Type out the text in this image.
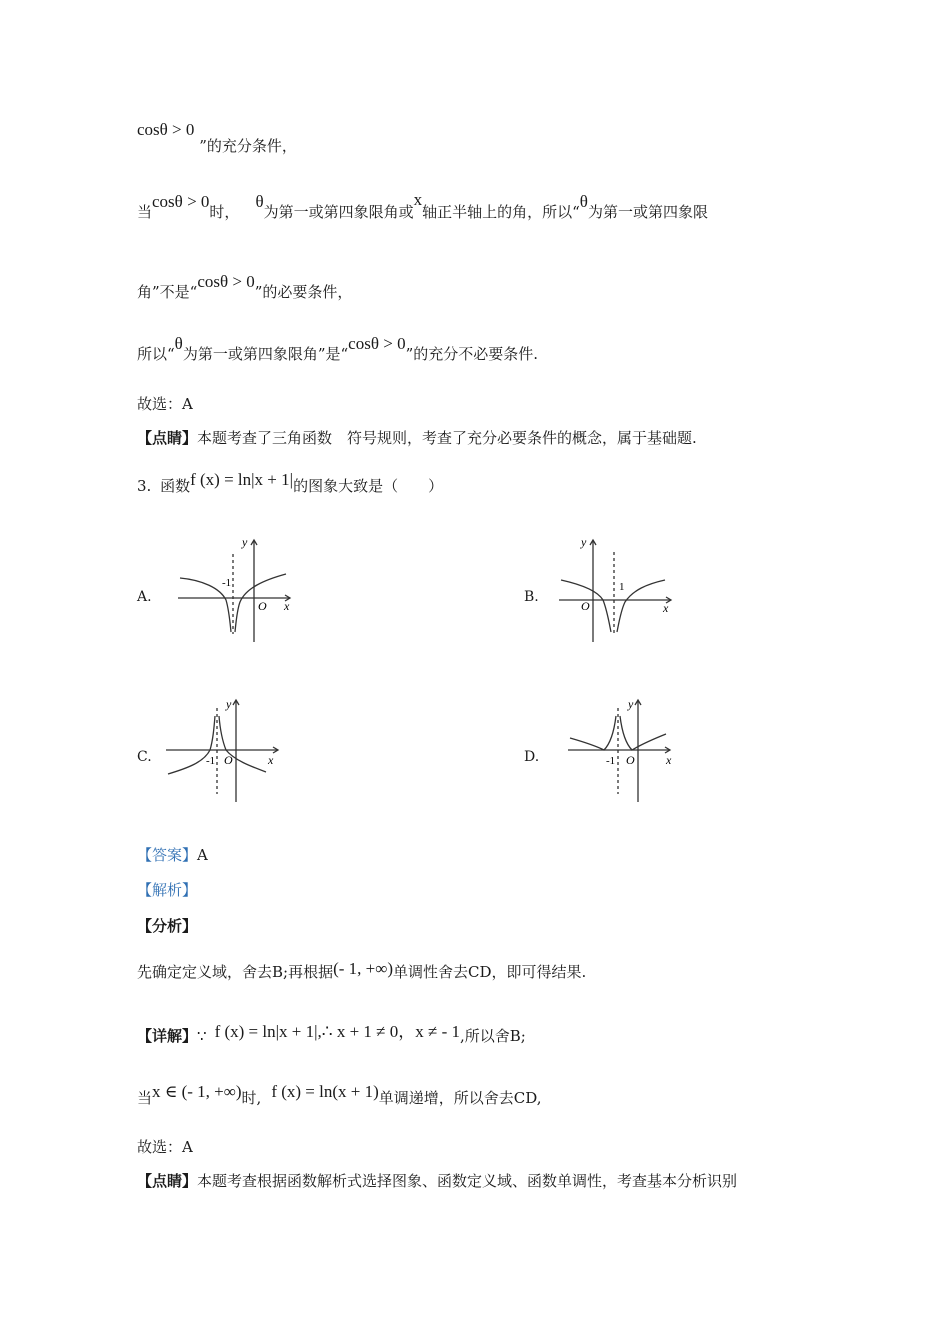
cosθ > 0 ”的充分条件，
当cosθ > 0时，θ为第一或第四象限角或x轴正半轴上的角，所以“θ为第一或第四象限
角”不是“cosθ > 0”的必要条件，
所以“θ为第一或第四象限角”是“cosθ > 0”的充分不必要条件.
故选：A
【点睛】本题考查了三角函数　符号规则，考查了充分必要条件的概念，属于基础题.
3. 函数f (x) = ln|x + 1|的图象大致是（　　）
A.	B.
C.	D.
-1
O x
y
1
O	x
y
-1 O	x
y
-1 O	x
y
【答案】A
【解析】
【分析】
先确定定义域，舍去B;再根据(- 1, +∞)单调性舍去CD，即可得结果.
【详解】∵ f (x) = ln|x + 1|,∴ x + 1 ≠ 0，x ≠ - 1,所以舍B;
当x ∈ (- 1, +∞)时, f (x) = ln(x + 1)单调递增，所以舍去CD,
故选：A
【点睛】本题考查根据函数解析式选择图象、函数定义域、函数单调性，考查基本分析识别
